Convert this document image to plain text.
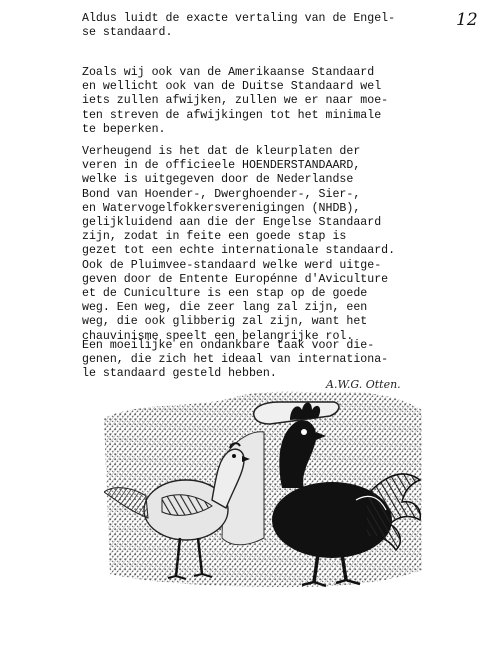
12
Aldus luidt de exacte vertaling van de Engel-
se standaard.
Zoals wij ook van de Amerikaanse Standaard
en wellicht ook van de Duitse Standaard wel
iets zullen afwijken, zullen we er naar moe-
ten streven de afwijkingen tot het minimale
te beperken.
Verheugend is het dat de kleurplaten der
veren in de officieele HOENDERSTANDAARD,
welke is uitgegeven door de Nederlandse
Bond van Hoender-, Dwerghoender-, Sier-,
en Watervogelfokkersverenigingen (NHDB),
gelijkluidend aan die der Engelse Standaard
zijn, zodat in feite een goede stap is
gezet tot een echte internationale standaard.
Ook de Pluimvee-standaard welke werd uitge-
geven door de Entente Europénne d'Aviculture
et de Cuniculture is een stap op de goede
weg. Een weg, die zeer lang zal zijn, een
weg, die ook glibberig zal zijn, want het
chauvinisme speelt een belangrijke rol.
Een moeilijke en ondankbare taak voor die-
genen, die zich het ideaal van internationa-
le standaard gesteld hebben.
A.W.G. Otten.
